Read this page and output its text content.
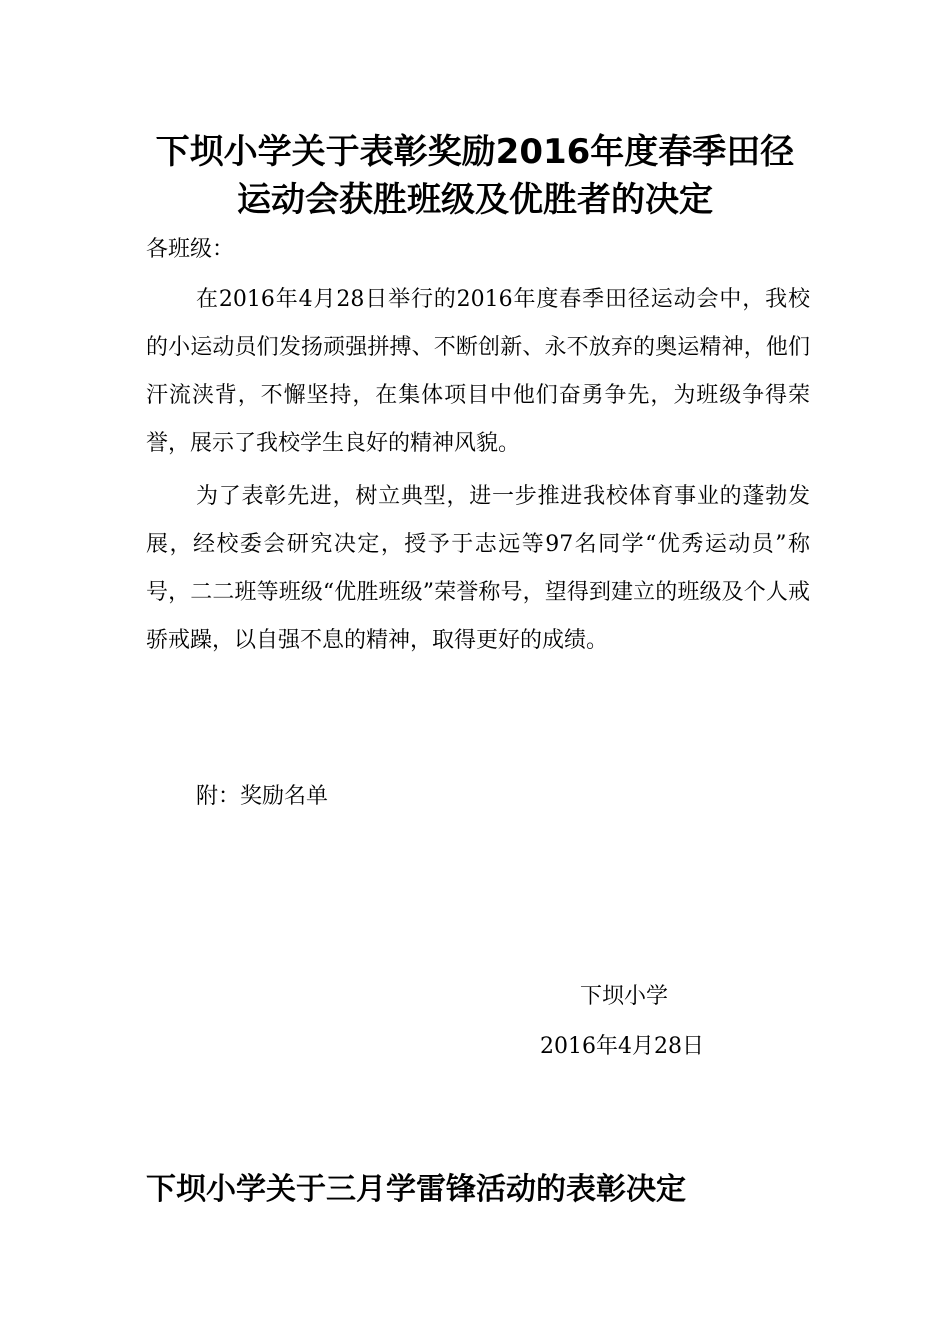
下坝小学关于表彰奖励2016年度春季田径
运动会获胜班级及优胜者的决定
各班级：
在2016年4月28日举行的2016年度春季田径运动会中，我校的小运动员们发扬顽强拼搏、不断创新、永不放弃的奥运精神，他们汗流浃背，不懈坚持，在集体项目中他们奋勇争先，为班级争得荣誉，展示了我校学生良好的精神风貌。
为了表彰先进，树立典型，进一步推进我校体育事业的蓬勃发展，经校委会研究决定，授予于志远等97名同学“优秀运动员”称号，二二班等班级“优胜班级”荣誉称号，望得到建立的班级及个人戒骄戒躁，以自强不息的精神，取得更好的成绩。
附：奖励名单
下坝小学
2016年4月28日
下坝小学关于三月学雷锋活动的表彰决定
